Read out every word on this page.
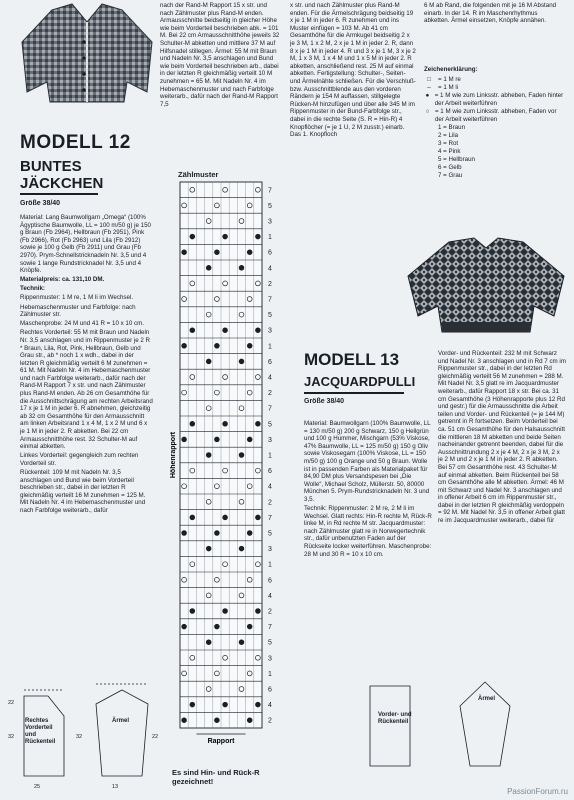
MODELL 12
BUNTES
JÄCKCHEN
Größe 38/40

Material: Lang Baumwollgarn „Omega“ (100% Ägyptische Baumwolle, LL = 100 m/50 g) je 150 g Braun (Fb 2964), Hellbraun (Fb 2951), Pink (Fb 2966), Rot (Fb 2963) und Lila (Fb 2912) sowie je 100 g Gelb (Fb 2911) und Grau (Fb 2970). Prym-Schnellstricknadeln Nr. 3,5 und 4 sowie 1 lange Rundstricknadel Nr. 3,5 und 4 Knöpfe.

Materialpreis: ca. 131,10 DM.

Technik:

Rippenmuster: 1 M re, 1 M li im Wechsel.

Hebemaschenmuster und Farbfolge: nach Zählmuster str.

Maschenprobe: 24 M und 41 R = 10 x 10 cm.

Rechtes Vorderteil: 55 M mit Braun und Nadeln Nr. 3,5 anschlagen und im Rippenmuster je 2 R * Braun, Lila, Rot, Pink, Hellbraun, Gelb und Grau str., ab * noch 1 x wdh., dabei in der letzten R gleichmäßig verteilt 6 M zunehmen = 61 M. Mit Nadeln Nr. 4 im Hebemaschenmuster und nach Farbfolge weiterarb., dafür nach der Rand-M Rapport 7 x str. und nach Zählmuster plus Rand-M enden. Ab 26 cm Gesamthöhe für die Ausschnittschrägung am rechten Arbeitsrand 17 x je 1 M in jeder 6. R abnehmen, gleichzeitig ab 32 cm Gesamthöhe für den Armausschnitt am linken Arbeitsrand 1 x 4 M, 1 x 2 M und 6 x je 1 M in jeder 2. R abketten. Bei 22 cm Armausschnitthöhe rest. 32 Schulter-M auf einmal abketten.

Linkes Vorderteil: gegengleich zum rechten Vorderteil str.

Rückenteil: 109 M mit Nadeln Nr. 3,5 anschlagen und Bund wie beim Vorderteil beschrieben str., dabei in der letzten R gleichmäßig verteilt 16 M zunehmen = 125 M. Mit Nadeln Nr. 4 im Hebemaschenmuster und nach Farbfolge weiterarb., dafür

nach der Rand-M Rapport 15 x str. und nach Zählmuster plus Rand-M enden. Armausschnitte beidseitig in gleicher Höhe wie beim Vorderteil beschrieben abk. = 101 M. Bei 22 cm Armausschnitthöhe jeweils 32 Schulter-M abketten und mittlere 37 M auf Hilfsnadel stillegen. Ärmel: 55 M mit Braun und Nadeln Nr. 3,5 anschlagen und Bund wie beim Vorderteil beschrieben arb., dabei in der letzten R gleichmäßig verteilt 10 M zunehmen = 65 M. Mit Nadeln Nr. 4 im Hebemaschenmuster und nach Farbfolge weiterarb., dafür nach der Rand-M Rapport 7,5

x str. und nach Zählmuster plus Rand-M enden. Für die Ärmelschrägung beidseitig 19 x je 1 M in jeder 6. R zunehmen und ins Muster einfügen = 103 M. Ab 41 cm Gesamthöhe für die Armkugel beidseitig 2 x je 3 M, 1 x 2 M, 2 x je 1 M in jeder 2. R, dann 8 x je 1 M in jeder 4. R und 3 x je 1 M, 3 x je 2 M, 1 x 3 M, 1 x 4 M und 1 x 5 M in jeder 2. R abketten, anschließend rest. 25 M auf einmal abketten. Fertigstellung: Schulter-, Seiten- und Ärmelnähte schließen. Für die Verschluß- bzw. Ausschnittblende aus den vorderen Rändern je 154 M auffassen, stillgelegte Rücken-M hinzufügen und über alle 345 M im Rippenmuster in der Bund-Farbfolge str., dabei in die rechte Seite (S. R = Hin-R) 4 Knopflöcher (= je 1 U, 2 M zusstr.) einarb. Das 1. Knopfloch

6 M ab Rand, die folgenden mit je 16 M Abstand einarb. In der 14. R im Maschenrhythmus abketten. Ärmel einsetzen, Knöpfe annähen.

Zeichenerklärung:

□	= 1 M re
–	= 1 M li
● = 1 M wie zum Linksstr. abheben, Faden hinter der Arbeit weiterführen
○ = 1 M wie zum Linksstr. abheben, Faden vor der Arbeit weiterführen
1 = Braun
2 = Lila
3 = Rot
4 = Pink
5 = Hellbraun
6 = Gelb
7 = Grau
Zählmuster
7
5
3
1
6
4
2
7
5
3
1
6
4
2
7
5
3
1
6
4
2
7
5
3
1
6
4
2
7
5
3
1
6
4
2
Höhenrapport
Rapport
Es sind Hin- und Rück-R gezeichnet!
MODELL 13
JACQUARDPULLI
Größe 38/40

Material: Baumwollgarn (100% Baumwolle, LL = 130 m/50 g) 200 g Schwarz, 150 g Hellgrün und 100 g Hummer, Mischgarn (53% Viskose, 47% Baumwolle, LL = 125 m/50 g) 150 g Oliv sowie Viskosegarn (100% Viskose, LL = 150 m/50 g) 100 g Orange und 50 g Braun. Wolle ist in passenden Farben als Materialpaket für 84,90 DM plus Versandspesen bei „Die Wolle“, Michael Scholz, Müllerstr. 50, 80000 München 5. Prym-Rundstricknadeln Nr. 3 und 3,5.

Technik: Rippenmuster: 2 M re, 2 M li im Wechsel. Glatt rechts: Hin-R rechte M, Rück-R linke M, in Rd rechte M str. Jacquardmuster: nach Zählmuster glatt re in Norwegertechnik str., dafür unbenutzten Faden auf der Rückseite locker weiterführen. Maschenprobe: 28 M und 30 R = 10 x 10 cm.

Vorder- und Rückenteil: 232 M mit Schwarz und Nadel Nr. 3 anschlagen und in Rd 7 cm im Rippenmuster str., dabei in der letzten Rd gleichmäßig verteilt 56 M zunehmen = 288 M. Mit Nadel Nr. 3,5 glatt re im Jacquardmuster weiterarb., dafür Rapport 18 x str. Bei ca. 31 cm Gesamthöhe (3 Höhenrapporte plus 12 Rd und gestr.) für die Armausschnitte die Arbeit teilen und Vorder- und Rückenteil (= je 144 M) getrennt in R fortsetzen. Beim Vorderteil bei ca. 51 cm Gesamthöhe für den Halsausschnitt die mittleren 18 M abketten und beide Seiten nacheinander getrennt beenden, dabei für die Ausschnittrundung 2 x je 4 M, 2 x je 3 M, 2 x je 2 M und 2 x je 1 M in jeder 2. R abketten. Bei 57 cm Gesamthöhe rest. 43 Schulter-M auf einmal abketten. Beim Rückenteil bei 58 cm Gesamthöhe alle M abketten. Ärmel: 46 M mit Schwarz und Nadel Nr. 3 anschlagen und in offener Arbeit 6 cm im Rippenmuster str., dabei in der letzten R gleichmäßig verdoppeln = 92 M. Mit Nadel Nr. 3,5 in offener Arbeit glatt re im Jacquardmuster weiterarb., dabei für

22
32	32	22
25	13
Rechtes Vorderteil und Rückenteil
Ärmel
Vorder- und Rückenteil
Ärmel
PassionForum.ru
